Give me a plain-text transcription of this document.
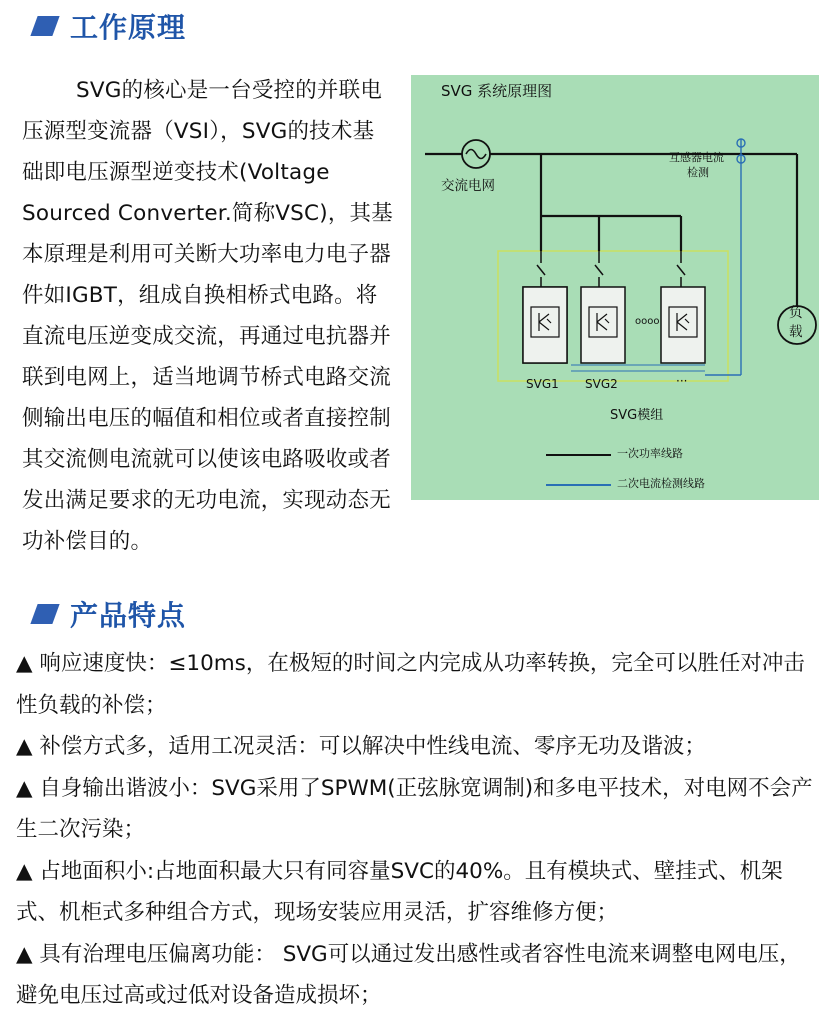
工作原理

SVG的核心是一台受控的并联电压源型变流器（VSI），SVG的技术基础即电压源型逆变技术(Voltage Sourced Converter.简称VSC)，其基本原理是利用可关断大功率电力电子器件如IGBT，组成自换相桥式电路。将直流电压逆变成交流，再通过电抗器并联到电网上，适当地调节桥式电路交流侧输出电压的幅值和相位或者直接控制其交流侧电流就可以使该电路吸收或者发出满足要求的无功电流，实现动态无功补偿目的。

SVG 系统原理图
交流电网
互感器电流
检测
负
载
oooo
SVG1 SVG2	···
SVG模组
一次功率线路
二次电流检测线路
产品特点
▲ 响应速度快：≤10ms，在极短的时间之内完成从功率转换，完全可以胜任对冲击性负载的补偿；
▲ 补偿方式多，适用工况灵活：可以解决中性线电流、零序无功及谐波；
▲ 自身输出谐波小：SVG采用了SPWM(正弦脉宽调制)和多电平技术，对电网不会产生二次污染；
▲ 占地面积小:占地面积最大只有同容量SVC的40%。且有模块式、壁挂式、机架式、机柜式多种组合方式，现场安装应用灵活，扩容维修方便；
▲ 具有治理电压偏离功能： SVG可以通过发出感性或者容性电流来调整电网电压，避免电压过高或过低对设备造成损坏；
